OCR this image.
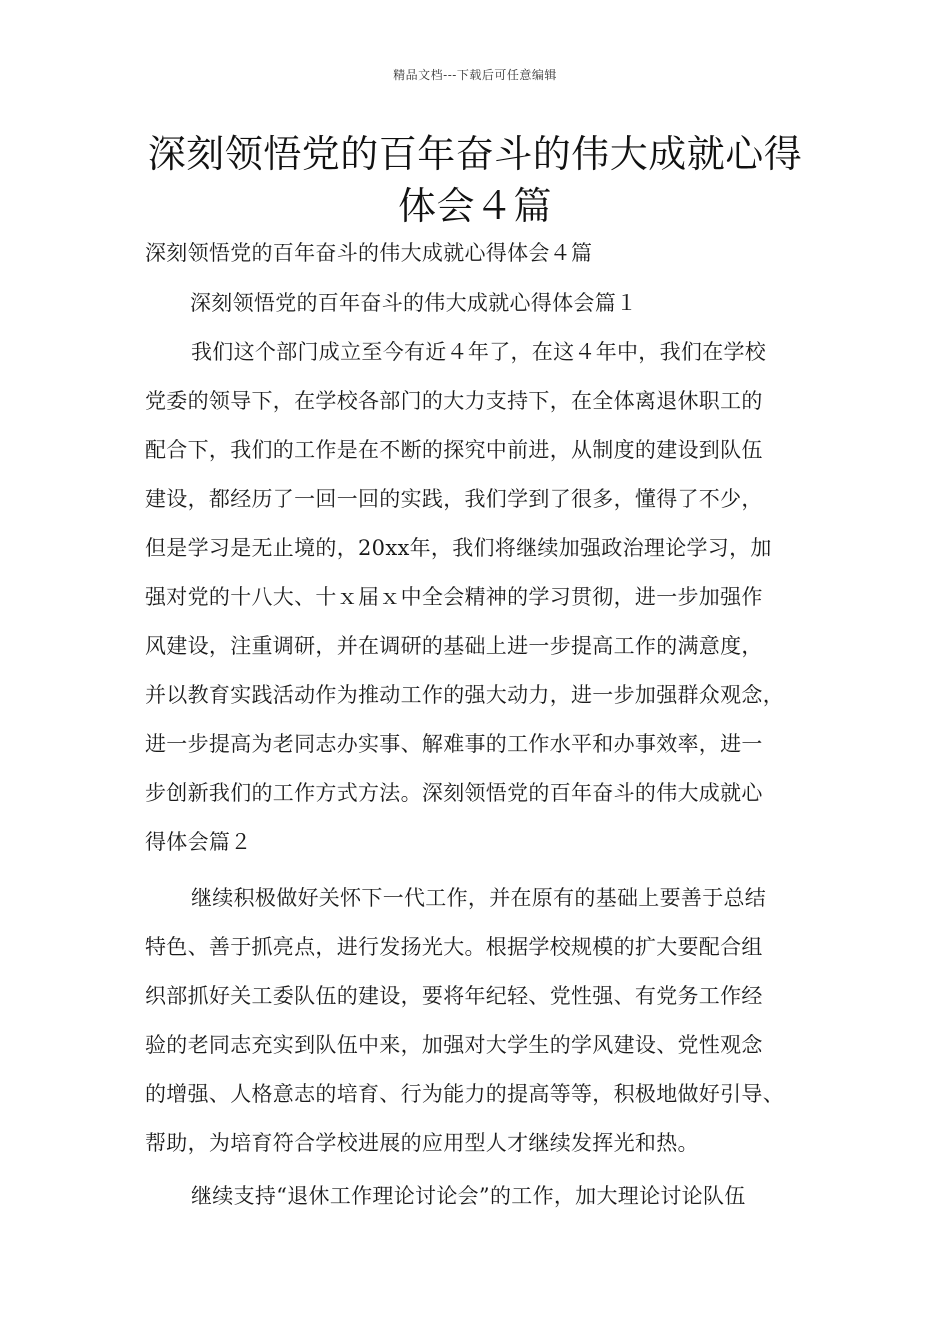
精品文档---下载后可任意编辑
深刻领悟党的百年奋斗的伟大成就心得
体会４篇
深刻领悟党的百年奋斗的伟大成就心得体会４篇
深刻领悟党的百年奋斗的伟大成就心得体会篇１
我们这个部门成立至今有近４年了，在这４年中，我们在学校
党委的领导下，在学校各部门的大力支持下，在全体离退休职工的
配合下，我们的工作是在不断的探究中前进，从制度的建设到队伍
建设，都经历了一回一回的实践，我们学到了很多，懂得了不少，
但是学习是无止境的，20xx年，我们将继续加强政治理论学习，加
强对党的十八大、十ｘ届ｘ中全会精神的学习贯彻，进一步加强作
风建设，注重调研，并在调研的基础上进一步提高工作的满意度，
并以教育实践活动作为推动工作的强大动力，进一步加强群众观念，
进一步提高为老同志办实事、解难事的工作水平和办事效率，进一
步创新我们的工作方式方法。深刻领悟党的百年奋斗的伟大成就心
得体会篇２
继续积极做好关怀下一代工作，并在原有的基础上要善于总结
特色、善于抓亮点，进行发扬光大。根据学校规模的扩大要配合组
织部抓好关工委队伍的建设，要将年纪轻、党性强、有党务工作经
验的老同志充实到队伍中来，加强对大学生的学风建设、党性观念
的增强、人格意志的培育、行为能力的提高等等，积极地做好引导、
帮助，为培育符合学校进展的应用型人才继续发挥光和热。
继续支持“退休工作理论讨论会”的工作，加大理论讨论队伍
